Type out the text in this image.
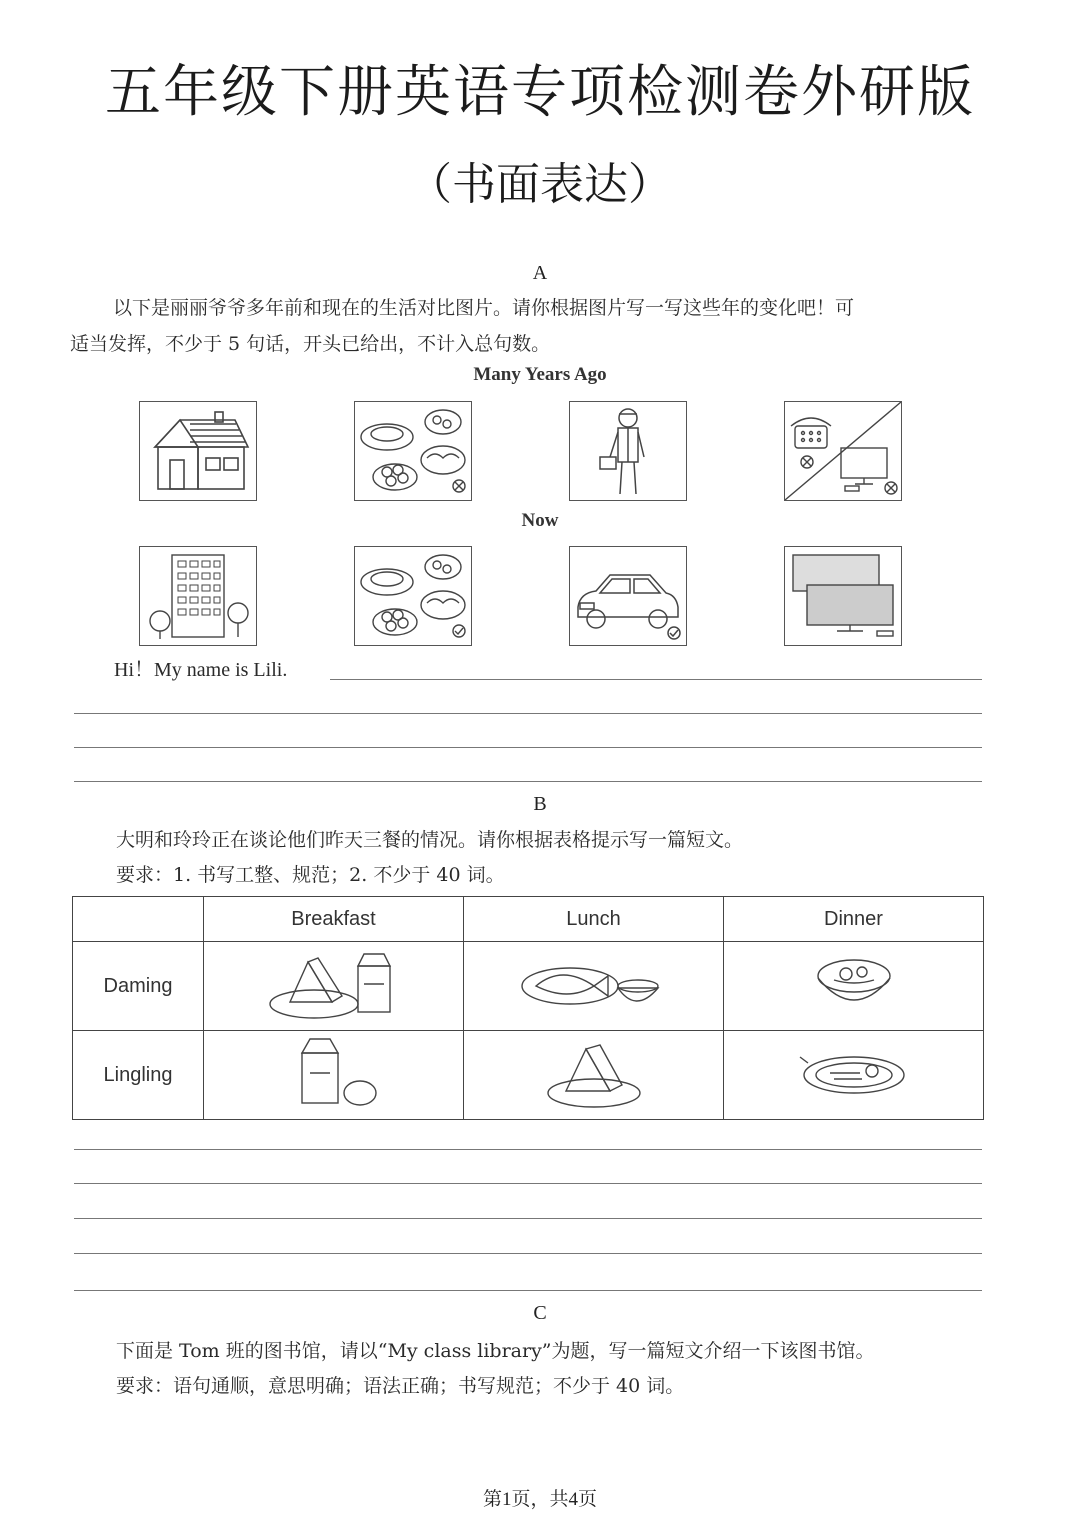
五年级下册英语专项检测卷外研版
（书面表达）
A
以下是丽丽爷爷多年前和现在的生活对比图片。请你根据图片写一写这些年的变化吧！可
适当发挥，不少于 5 句话，开头已给出，不计入总句数。
Many Years Ago
Now
Hi！My name is Lili.
B
大明和玲玲正在谈论他们昨天三餐的情况。请你根据表格提示写一篇短文。
要求：1. 书写工整、规范；2. 不少于 40 词。
	Breakfast	Lunch	Dinner
Daming			
Lingling			
C
下面是 Tom 班的图书馆，请以“My class library”为题，写一篇短文介绍一下该图书馆。
要求：语句通顺，意思明确；语法正确；书写规范；不少于 40 词。
第1页，共4页
